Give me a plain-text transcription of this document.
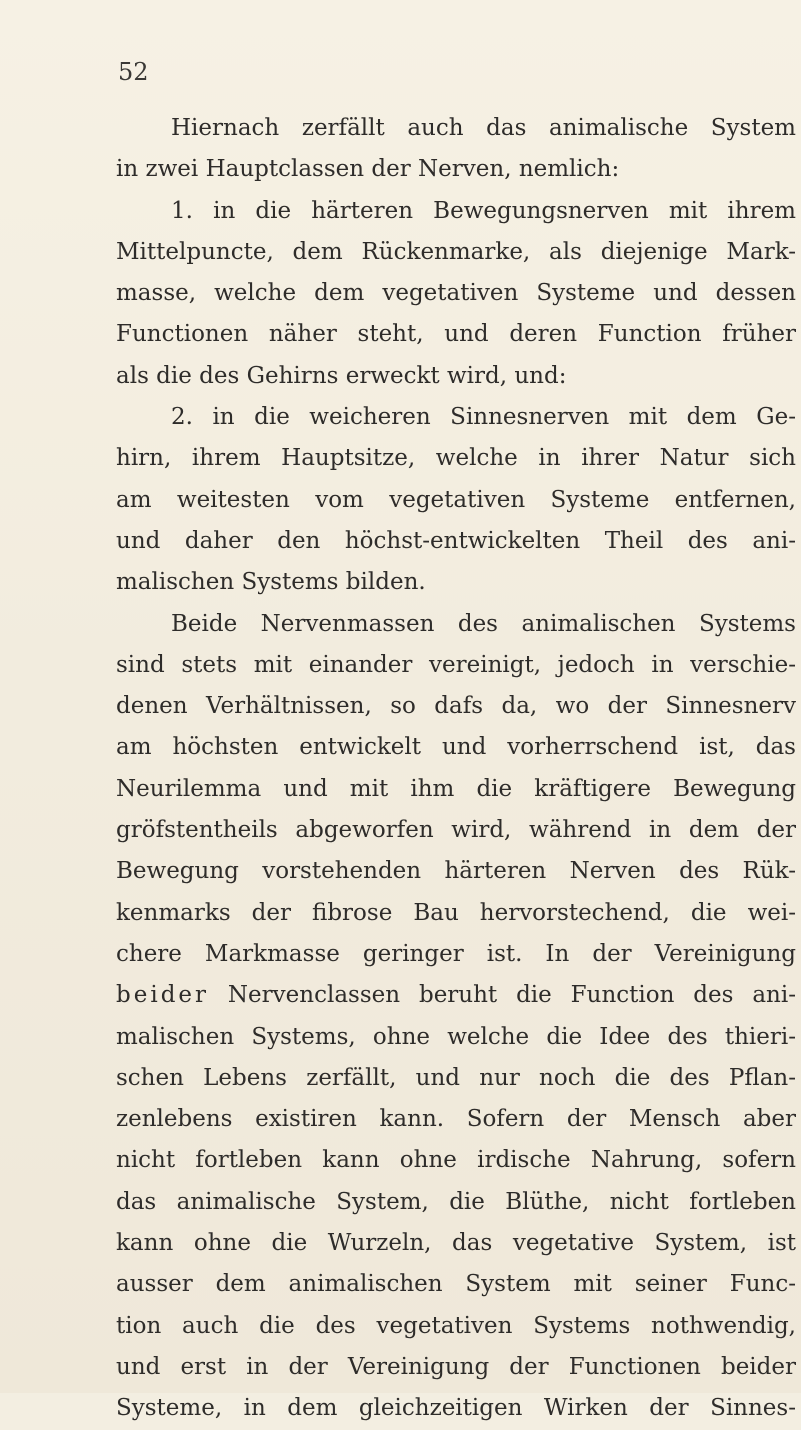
52
Hiernach zerfällt auch das animalische System
in zwei Hauptclassen der Nerven, nemlich:
1. in die härteren Bewegungsnerven mit ihrem
Mittelpuncte, dem Rückenmarke, als diejenige Mark-
masse, welche dem vegetativen Systeme und dessen
Functionen näher steht, und deren Function früher
als die des Gehirns erweckt wird, und:
2. in die weicheren Sinnesnerven mit dem Ge-
hirn, ihrem Hauptsitze, welche in ihrer Natur sich
am weitesten vom vegetativen Systeme entfernen,
und daher den höchst-entwickelten Theil des ani-
malischen Systems bilden.
Beide Nervenmassen des animalischen Systems
sind stets mit einander vereinigt, jedoch in verschie-
denen Verhältnissen, so dafs da, wo der Sinnesnerv
am höchsten entwickelt und vorherrschend ist, das
Neurilemma und mit ihm die kräftigere Bewegung
gröfstentheils abgeworfen wird, während in dem der
Bewegung vorstehenden härteren Nerven des Rük-
kenmarks der fibrose Bau hervorstechend, die wei-
chere Markmasse geringer ist. In der Vereinigung
beider Nervenclassen beruht die Function des ani-
malischen Systems, ohne welche die Idee des thieri-
schen Lebens zerfällt, und nur noch die des Pflan-
zenlebens existiren kann. Sofern der Mensch aber
nicht fortleben kann ohne irdische Nahrung, sofern
das animalische System, die Blüthe, nicht fortleben
kann ohne die Wurzeln, das vegetative System, ist
ausser dem animalischen System mit seiner Func-
tion auch die des vegetativen Systems nothwendig,
und erst in der Vereinigung der Functionen beider
Systeme, in dem gleichzeitigen Wirken der Sinnes-
